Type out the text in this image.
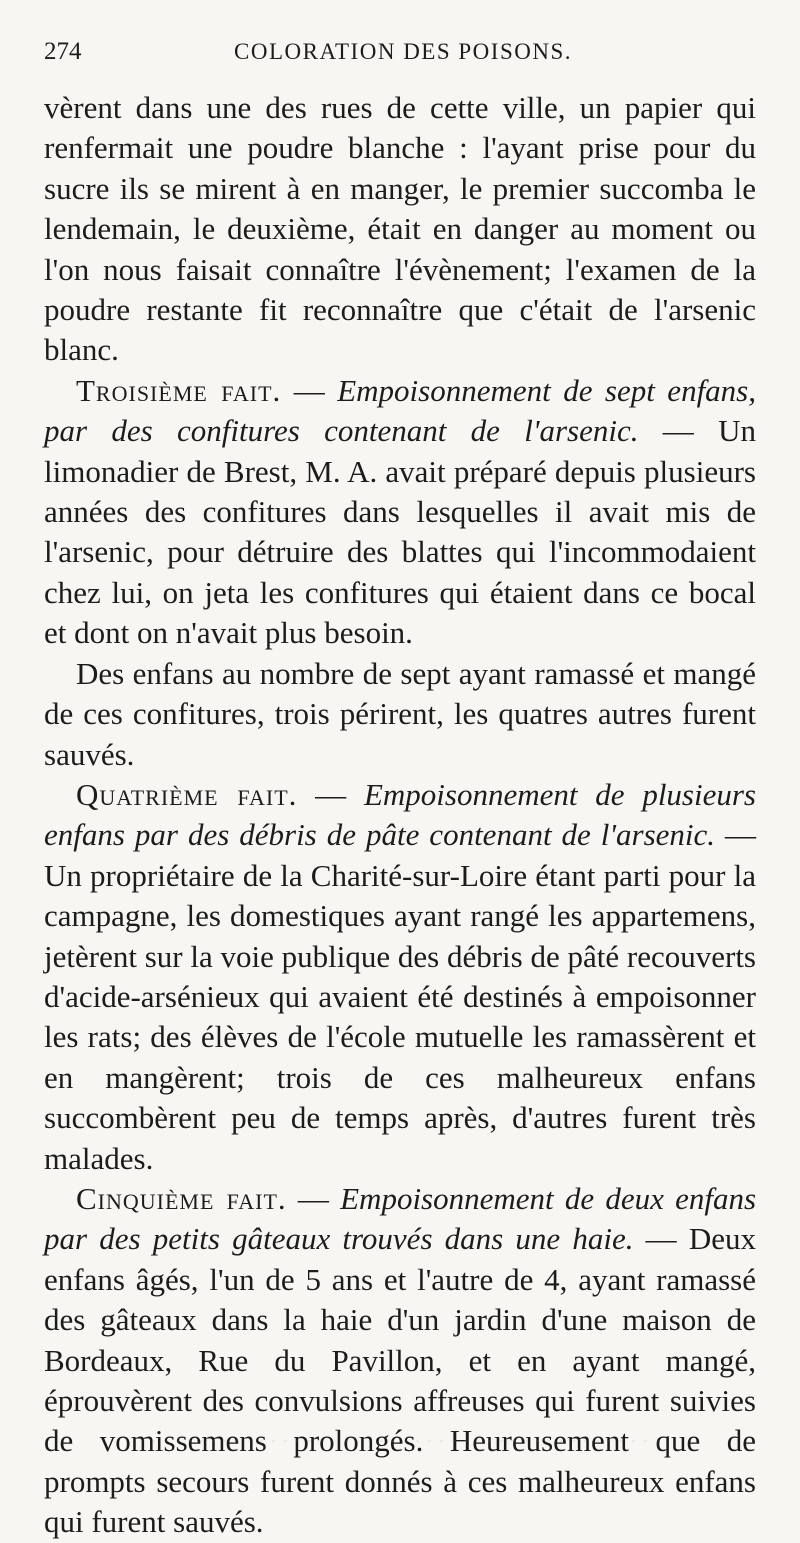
274	COLORATION DES POISONS.

vèrent dans une des rues de cette ville, un papier qui renfermait une poudre blanche : l'ayant prise pour du sucre ils se mirent à en manger, le premier succomba le lendemain, le deuxième, était en danger au moment ou l'on nous faisait connaître l'évènement; l'examen de la poudre restante fit reconnaître que c'était de l'arsenic blanc.

Troisième fait. — Empoisonnement de sept enfans, par des confitures contenant de l'arsenic. — Un limonadier de Brest, M. A. avait préparé depuis plusieurs années des confitures dans lesquelles il avait mis de l'arsenic, pour détruire des blattes qui l'incommodaient chez lui, on jeta les confitures qui étaient dans ce bocal et dont on n'avait plus besoin.

Des enfans au nombre de sept ayant ramassé et mangé de ces confitures, trois périrent, les quatres autres furent sauvés.

Quatrième fait. — Empoisonnement de plusieurs enfans par des débris de pâte contenant de l'arsenic. — Un propriétaire de la Charité-sur-Loire étant parti pour la campagne, les domestiques ayant rangé les appartemens, jetèrent sur la voie publique des débris de pâté recouverts d'acide-arsénieux qui avaient été destinés à empoisonner les rats; des élèves de l'école mutuelle les ramassèrent et en mangèrent; trois de ces malheureux enfans succombèrent peu de temps après, d'autres furent très malades.

Cinquième fait. — Empoisonnement de deux enfans par des petits gâteaux trouvés dans une haie. — Deux enfans âgés, l'un de 5 ans et l'autre de 4, ayant ramassé des gâteaux dans la haie d'un jardin d'une maison de Bordeaux, Rue du Pavillon, et en ayant mangé, éprouvèrent des convulsions affreuses qui furent suivies de vomissemens prolongés. Heureusement que de prompts secours furent donnés à ces malheureux enfans qui furent sauvés.
